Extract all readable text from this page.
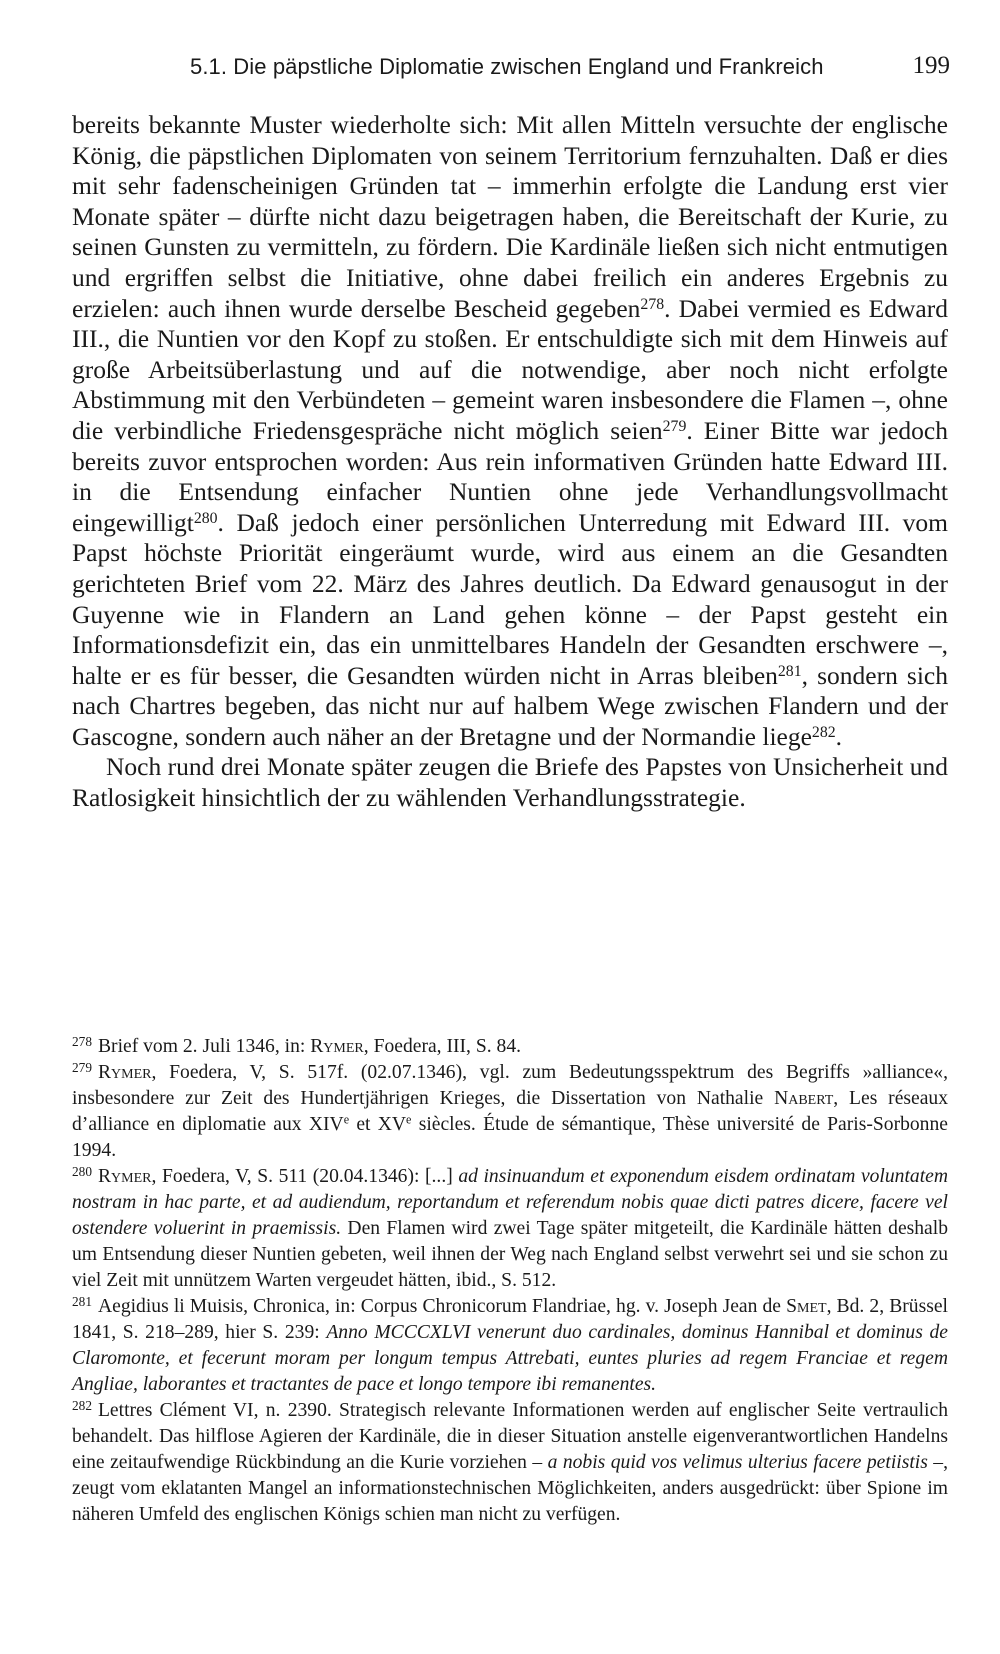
5.1. Die päpstliche Diplomatie zwischen England und Frankreich	199

bereits bekannte Muster wiederholte sich: Mit allen Mitteln versuchte der englische König, die päpstlichen Diplomaten von seinem Territorium fernzuhalten. Daß er dies mit sehr fadenscheinigen Gründen tat – immerhin erfolgte die Landung erst vier Monate später – dürfte nicht dazu beigetragen haben, die Bereitschaft der Kurie, zu seinen Gunsten zu vermitteln, zu fördern. Die Kardinäle ließen sich nicht entmutigen und ergriffen selbst die Initiative, ohne dabei freilich ein anderes Ergebnis zu erzielen: auch ihnen wurde derselbe Bescheid gegeben$^{278}$. Dabei vermied es Edward III., die Nuntien vor den Kopf zu stoßen. Er entschuldigte sich mit dem Hinweis auf große Arbeitsüberlastung und auf die notwendige, aber noch nicht erfolgte Abstimmung mit den Verbündeten – gemeint waren insbesondere die Flamen –, ohne die verbindliche Friedensgespräche nicht möglich seien$^{279}$. Einer Bitte war jedoch bereits zuvor entsprochen worden: Aus rein informativen Gründen hatte Edward III. in die Entsendung einfacher Nuntien ohne jede Verhandlungsvollmacht eingewilligt$^{280}$. Daß jedoch einer persönlichen Unterredung mit Edward III. vom Papst höchste Priorität eingeräumt wurde, wird aus einem an die Gesandten gerichteten Brief vom 22. März des Jahres deutlich. Da Edward genausogut in der Guyenne wie in Flandern an Land gehen könne – der Papst gesteht ein Informationsdefizit ein, das ein unmittelbares Handeln der Gesandten erschwere –, halte er es für besser, die Gesandten würden nicht in Arras bleiben$^{281}$, sondern sich nach Chartres begeben, das nicht nur auf halbem Wege zwischen Flandern und der Gascogne, sondern auch näher an der Bretagne und der Normandie liege$^{282}$.

Noch rund drei Monate später zeugen die Briefe des Papstes von Unsicherheit und Ratlosigkeit hinsichtlich der zu wählenden Verhandlungsstrategie.

$^{278}$ Brief vom 2. Juli 1346, in: Rymer, Foedera, III, S. 84.

$^{279}$ Rymer, Foedera, V, S. 517f. (02.07.1346), vgl. zum Bedeutungsspektrum des Begriffs »alliance«, insbesondere zur Zeit des Hundertjährigen Krieges, die Dissertation von Nathalie Nabert, Les réseaux d’alliance en diplomatie aux XIVe et XVe siècles. Étude de sémantique, Thèse université de Paris-Sorbonne 1994.

$^{280}$ Rymer, Foedera, V, S. 511 (20.04.1346): [...] ad insinuandum et exponendum eisdem ordinatam voluntatem nostram in hac parte, et ad audiendum, reportandum et referendum nobis quae dicti patres dicere, facere vel ostendere voluerint in praemissis. Den Flamen wird zwei Tage später mitgeteilt, die Kardinäle hätten deshalb um Entsendung dieser Nuntien gebeten, weil ihnen der Weg nach England selbst verwehrt sei und sie schon zu viel Zeit mit unnützem Warten vergeudet hätten, ibid., S. 512.

$^{281}$ Aegidius li Muisis, Chronica, in: Corpus Chronicorum Flandriae, hg. v. Joseph Jean de Smet, Bd. 2, Brüssel 1841, S. 218–289, hier S. 239: Anno MCCCXLVI venerunt duo cardinales, dominus Hannibal et dominus de Claromonte, et fecerunt moram per longum tempus Attrebati, euntes pluries ad regem Franciae et regem Angliae, laborantes et tractantes de pace et longo tempore ibi remanentes.

$^{282}$ Lettres Clément VI, n. 2390. Strategisch relevante Informationen werden auf englischer Seite vertraulich behandelt. Das hilflose Agieren der Kardinäle, die in dieser Situation anstelle eigenverantwortlichen Handelns eine zeitaufwendige Rückbindung an die Kurie vorziehen – a nobis quid vos velimus ulterius facere petiistis –, zeugt vom eklatanten Mangel an informationstechnischen Möglichkeiten, anders ausgedrückt: über Spione im näheren Umfeld des englischen Königs schien man nicht zu verfügen.
